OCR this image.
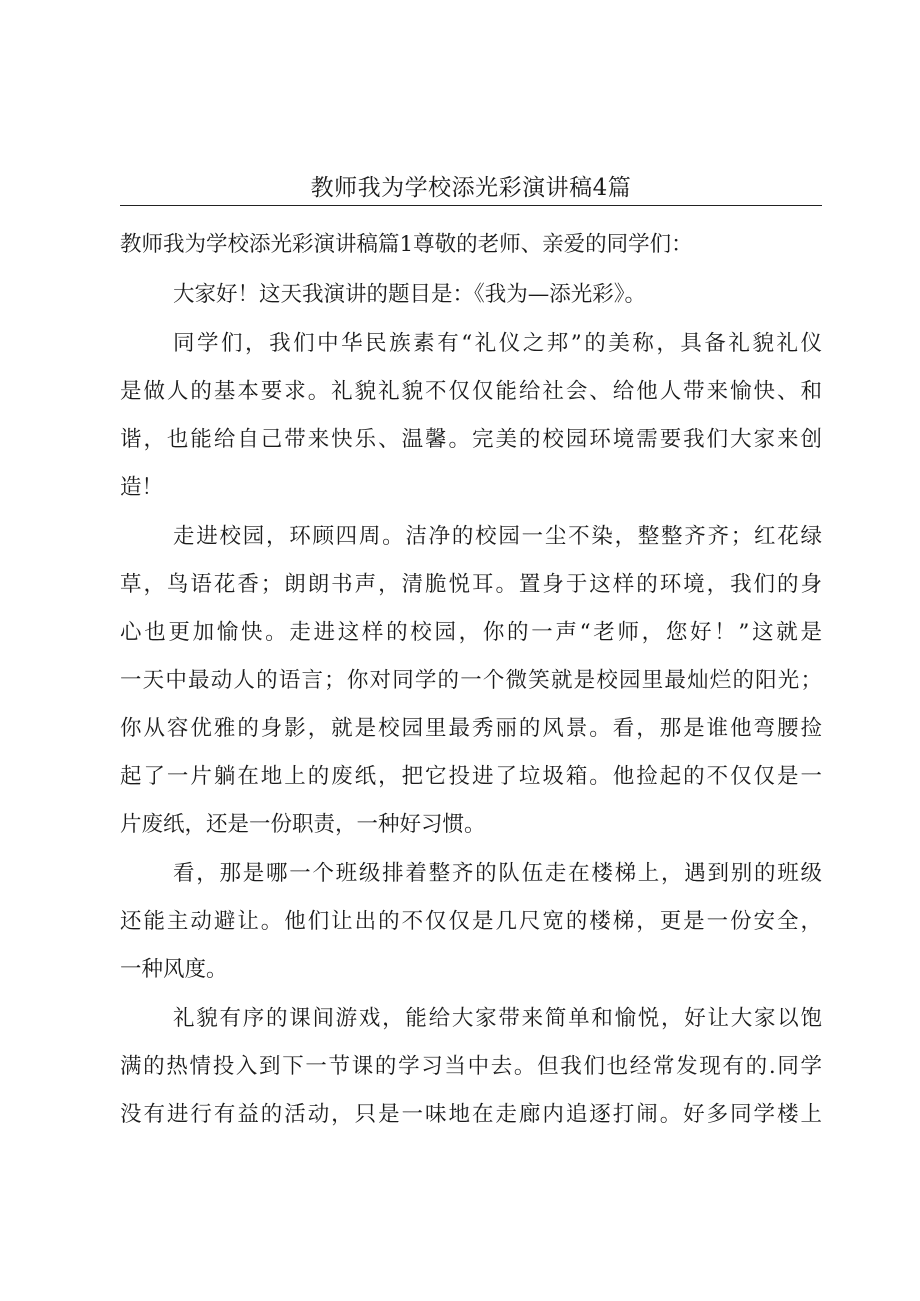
教师我为学校添光彩演讲稿4篇
教师我为学校添光彩演讲稿篇1尊敬的老师、亲爱的同学们：
大家好！这天我演讲的题目是：《我为—添光彩》。
同学们，我们中华民族素有“礼仪之邦”的美称，具备礼貌礼仪
是做人的基本要求。礼貌礼貌不仅仅能给社会、给他人带来愉快、和
谐，也能给自己带来快乐、温馨。完美的校园环境需要我们大家来创
造！
走进校园，环顾四周。洁净的校园一尘不染，整整齐齐；红花绿
草，鸟语花香；朗朗书声，清脆悦耳。置身于这样的环境，我们的身
心也更加愉快。走进这样的校园，你的一声“老师，您好！”这就是
一天中最动人的语言；你对同学的一个微笑就是校园里最灿烂的阳光；
你从容优雅的身影，就是校园里最秀丽的风景。看，那是谁他弯腰捡
起了一片躺在地上的废纸，把它投进了垃圾箱。他捡起的不仅仅是一
片废纸，还是一份职责，一种好习惯。
看，那是哪一个班级排着整齐的队伍走在楼梯上，遇到别的班级
还能主动避让。他们让出的不仅仅是几尺宽的楼梯，更是一份安全，
一种风度。
礼貌有序的课间游戏，能给大家带来简单和愉悦，好让大家以饱
满的热情投入到下一节课的学习当中去。但我们也经常发现有的.同学
没有进行有益的活动，只是一味地在走廊内追逐打闹。好多同学楼上
